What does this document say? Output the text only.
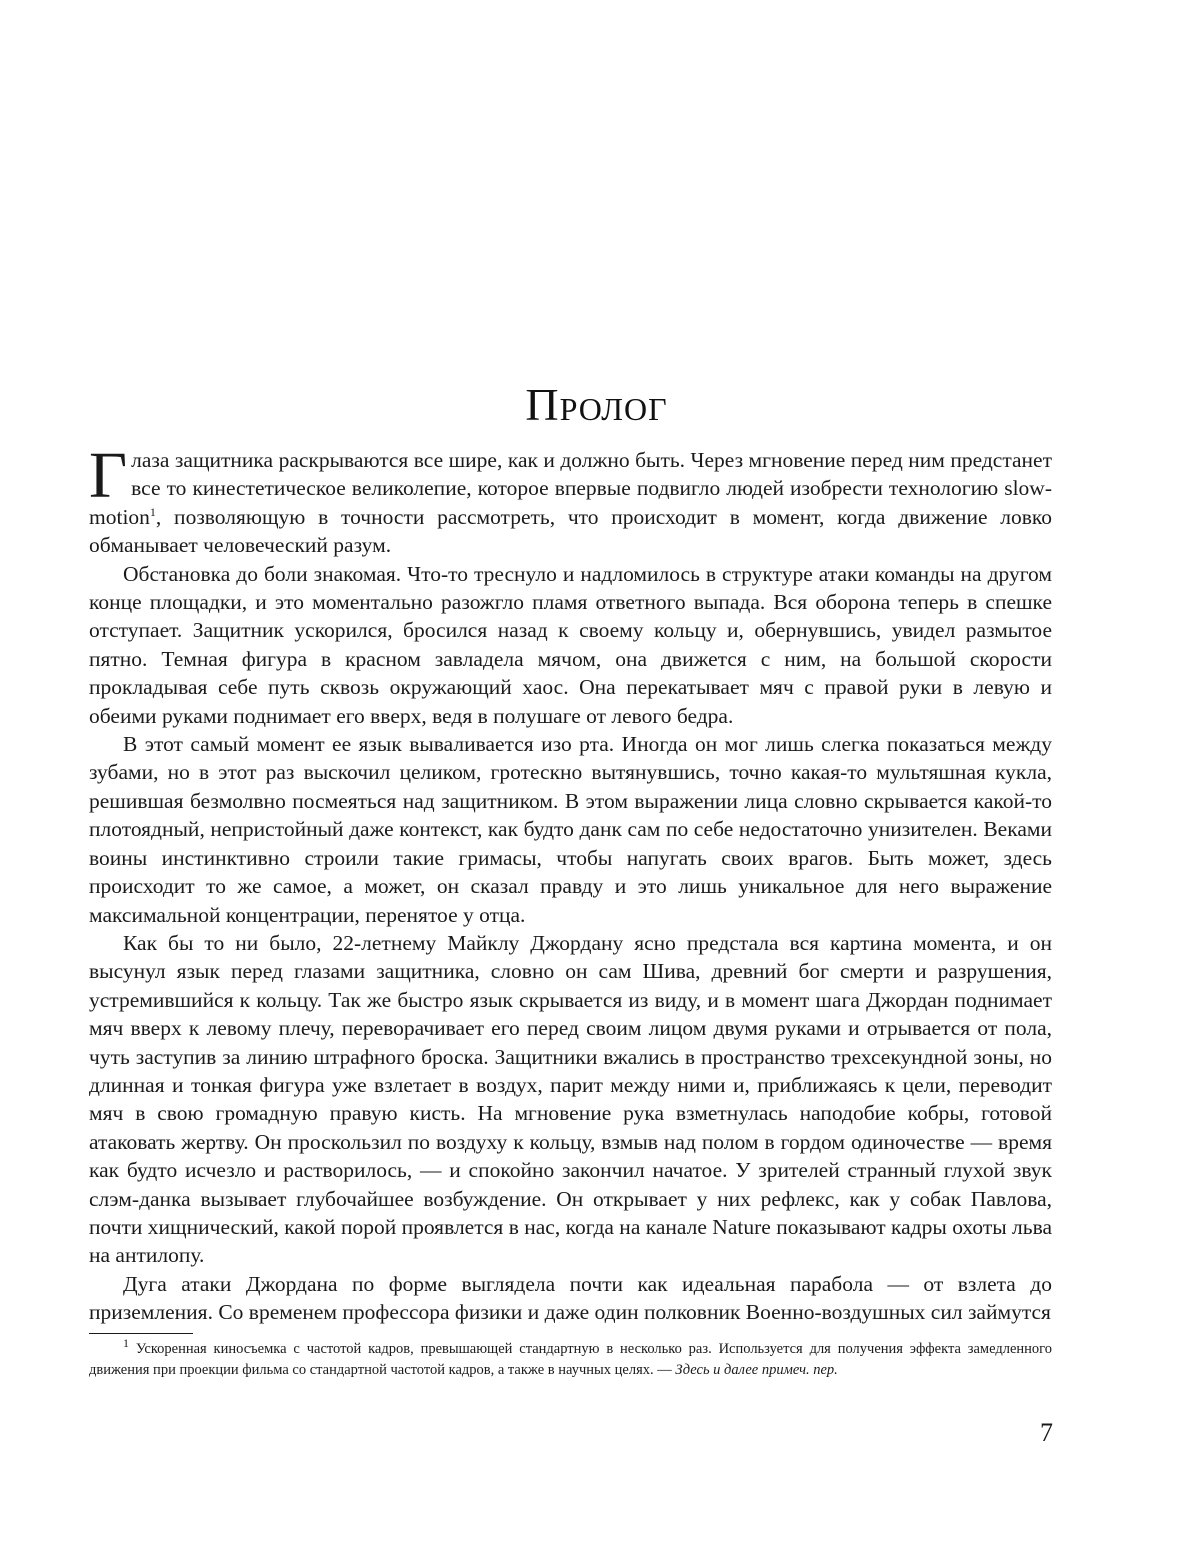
Пролог

Глаза защитника раскрываются все шире, как и должно быть. Через мгновение перед ним предстанет все то кинестетическое великолепие, которое впервые подвигло людей изобрести технологию slow-motion$^1$, позволяющую в точности рассмотреть, что происходит в момент, когда движение ловко обманывает человеческий разум.

Обстановка до боли знакомая. Что-то треснуло и надломилось в структуре атаки команды на другом конце площадки, и это моментально разожгло пламя ответного выпада. Вся оборона теперь в спешке отступает. Защитник ускорился, бросился назад к своему кольцу и, обернувшись, увидел размытое пятно. Темная фигура в красном завладела мячом, она движется с ним, на большой скорости прокладывая себе путь сквозь окружающий хаос. Она перекатывает мяч с правой руки в левую и обеими руками поднимает его вверх, ведя в полушаге от левого бедра.

В этот самый момент ее язык вываливается изо рта. Иногда он мог лишь слегка показаться между зубами, но в этот раз выскочил целиком, гротескно вытянувшись, точно какая-то мультяшная кукла, решившая безмолвно посмеяться над защитником. В этом выражении лица словно скрывается какой-то плотоядный, непристойный даже контекст, как будто данк сам по себе недостаточно унизителен. Веками воины инстинктивно строили такие гримасы, чтобы напугать своих врагов. Быть может, здесь происходит то же самое, а может, он сказал правду и это лишь уникальное для него выражение максимальной концентрации, перенятое у отца.

Как бы то ни было, 22-летнему Майклу Джордану ясно предстала вся картина момента, и он высунул язык перед глазами защитника, словно он сам Шива, древний бог смерти и разрушения, устремившийся к кольцу. Так же быстро язык скрывается из виду, и в момент шага Джордан поднимает мяч вверх к левому плечу, переворачивает его перед своим лицом двумя руками и отрывается от пола, чуть заступив за линию штрафного броска. Защитники вжались в пространство трехсекундной зоны, но длинная и тонкая фигура уже взлетает в воздух, парит между ними и, приближаясь к цели, переводит мяч в свою громадную правую кисть. На мгновение рука взметнулась наподобие кобры, готовой атаковать жертву. Он проскользил по воздуху к кольцу, взмыв над полом в гордом одиночестве — время как будто исчезло и растворилось, — и спокойно закончил начатое. У зрителей странный глухой звук слэм-данка вызывает глубочайшее возбуждение. Он открывает у них рефлекс, как у собак Павлова, почти хищнический, какой порой проявлется в нас, когда на канале Nature показывают кадры охоты льва на антилопу.

Дуга атаки Джордана по форме выглядела почти как идеальная парабола — от взлета до приземления. Со временем профессора физики и даже один полковник Военно-воздушных сил займутся

$^1$ Ускоренная киносъемка с частотой кадров, превышающей стандартную в несколько раз. Используется для получения эффекта замедленного движения при проекции фильма со стандартной частотой кадров, а также в научных целях. — Здесь и далее примеч. пер.

7
